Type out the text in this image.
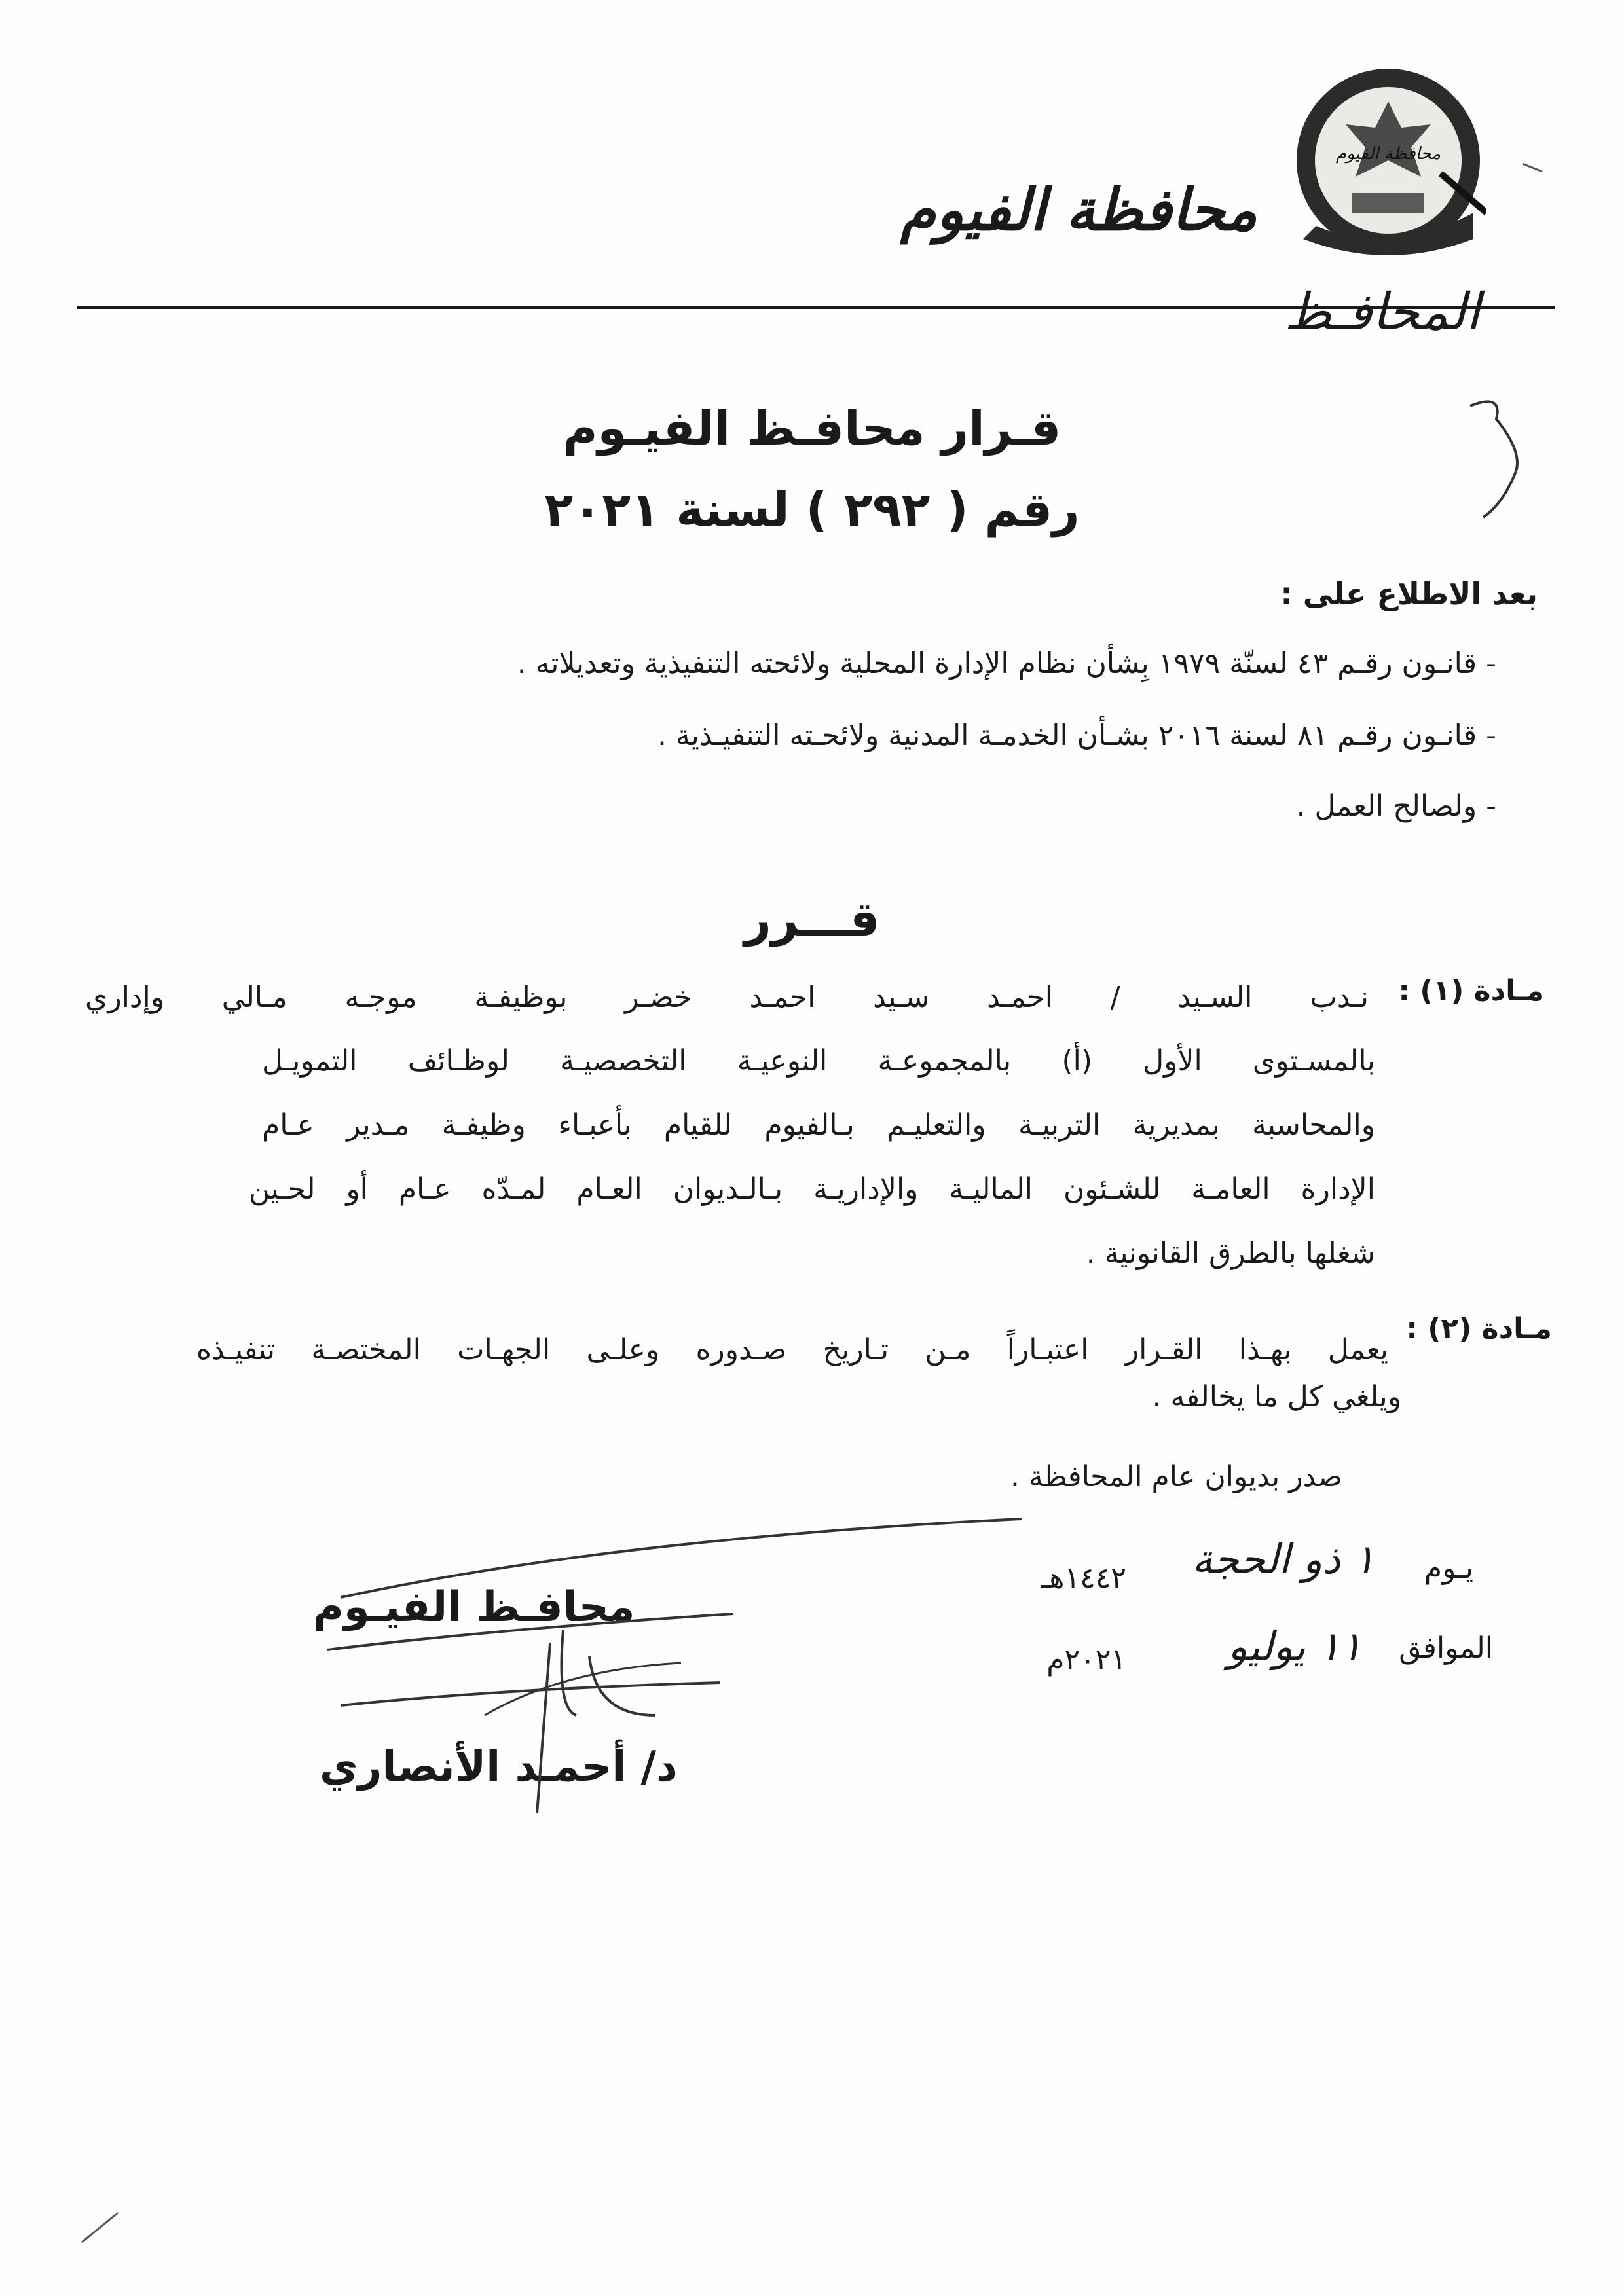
محافظة الفيوم
محافظة الفيوم
المحافـظ
قـرار محافـظ الفيـوم
رقم ( ٢٩٢ ) لسنة ٢٠٢١
بعد الاطلاع على :
- قانـون رقـم ٤٣ لسنّة ١٩٧٩ بِشأن نظام الإدارة المحلية ولائحته التنفيذية وتعديلاته .
- قانـون رقـم ٨١ لسنة ٢٠١٦ بشـأن الخدمـة المدنية ولائحـته التنفيـذية .
- ولصالح العمل .
قـــرر
مـادة (١) :
نـدب السـيد / احمـد سـيد احمـد خضـر بوظيفـة موجـه مـالي وإداري
بالمسـتوى الأول (أ) بالمجموعـة النوعيـة التخصصيـة لوظـائف التمويـل
والمحاسبة بمديرية التربيـة والتعليـم بـالفيوم للقيام بأعبـاء وظيفـة مـدير عـام
الإدارة العامـة للشـئون الماليـة والإداريـة بـالـديوان العـام لمـدّه عـام أو لحـين
شغلها بالطرق القانونية .
مـادة (٢) :
يعمل بهـذا القـرار اعتبـاراً مـن تـاريخ صـدوره وعلـى الجهـات المختصـة تنفيـذه
ويلغي كل ما يخالفه .
صدر بديوان عام المحافظة .
يـوم
١ ذو الحجة
١٤٤٢هـ
الموافق
١١ يوليو
٢٠٢١م
محافـظ الفيـوم
د/ أحمـد الأنصاري
